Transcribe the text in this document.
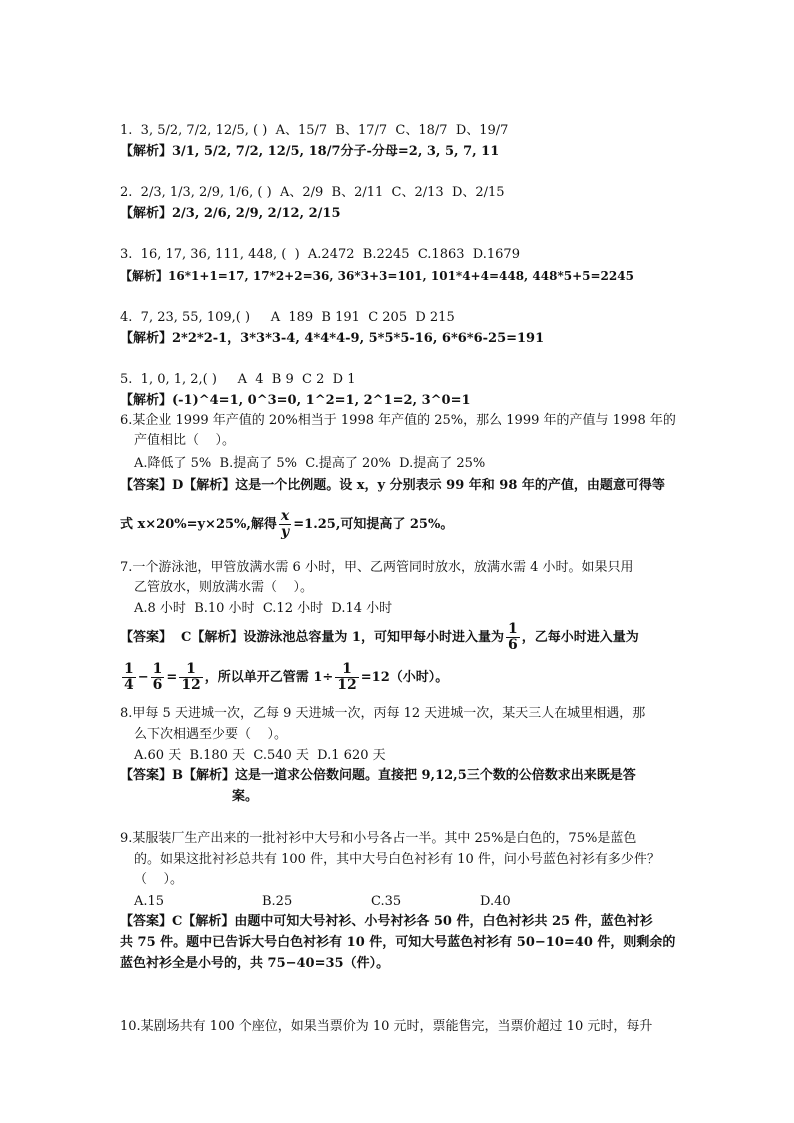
1.  3, 5/2, 7/2, 12/5, ( )  A、15/7  B、17/7  C、18/7  D、19/7
【解析】3/1, 5/2, 7/2, 12/5, 18/7分子-分母=2, 3, 5, 7, 11
2.  2/3, 1/3, 2/9, 1/6, ( )  A、2/9  B、2/11  C、2/13  D、2/15
【解析】2/3, 2/6, 2/9, 2/12, 2/15
3.  16, 17, 36, 111, 448, (  )  A.2472  B.2245  C.1863  D.1679
【解析】16*1+1=17, 17*2+2=36, 36*3+3=101, 101*4+4=448, 448*5+5=2245
4.  7, 23, 55, 109,( )     A  189  B 191  C 205  D 215
【解析】2*2*2-1，3*3*3-4, 4*4*4-9, 5*5*5-16, 6*6*6-25=191
5.  1, 0, 1, 2,( )     A  4  B 9  C 2  D 1
【解析】(-1)^4=1, 0^3=0, 1^2=1, 2^1=2, 3^0=1
6.某企业 1999 年产值的 20%相当于 1998 年产值的 25%，那么 1999 年的产值与 1998 年的
产值相比（    ）。
A.降低了 5%  B.提高了 5%  C.提高了 20%  D.提高了 25%
【答案】D【解析】这是一个比例题。设 x，y 分别表示 99 年和 98 年的产值，由题意可得等
式 x×20%=y×25%,解得 $\frac{x}{y} =1.25$,可知提高了 25%。
7.一个游泳池，甲管放满水需 6 小时，甲、乙两管同时放水，放满水需 4 小时。如果只用
乙管放水，则放满水需（    ）。
A.8 小时  B.10 小时  C.12 小时  D.14 小时
【答案】  C【解析】设游泳池总容量为 1，可知甲每小时进入量为 $\frac{1}{6}$ ，乙每小时进入量为
$\frac{1}{4} - \frac{1}{6} = \frac{1}{12}$ ，所以单开乙管需 $1\div \frac{1}{12} =12$（小时）。
8.甲每 5 天进城一次，乙每 9 天进城一次，丙每 12 天进城一次，某天三人在城里相遇，那
么下次相遇至少要（    ）。
A.60 天  B.180 天  C.540 天  D.1 620 天
【答案】B【解析】这是一道求公倍数问题。直接把 9,12,5三个数的公倍数求出来既是答
案。
9.某服装厂生产出来的一批衬衫中大号和小号各占一半。其中 25%是白色的，75%是蓝色
的。如果这批衬衫总共有 100 件，其中大号白色衬衫有 10 件，问小号蓝色衬衫有多少件？
（    ）。
A.15	B.25	C.35	D.40
【答案】C【解析】由题中可知大号衬衫、小号衬衫各 50 件，白色衬衫共 25 件，蓝色衬衫
共 75 件。题中已告诉大号白色衬衫有 10 件，可知大号蓝色衬衫有 50−10=40 件，则剩余的
蓝色衬衫全是小号的，共 75−40=35（件）。
10.某剧场共有 100 个座位，如果当票价为 10 元时，票能售完，当票价超过 10 元时，每升
